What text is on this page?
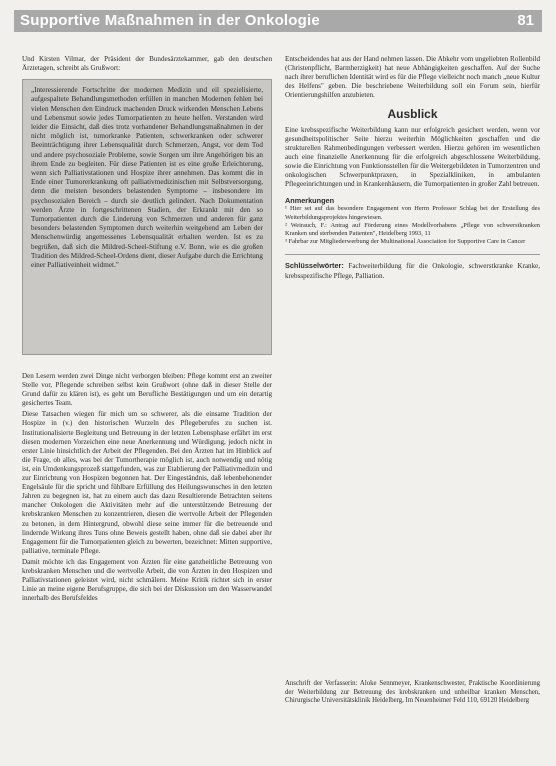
Supportive Maßnahmen in der Onkologie	81

Und Kirsten Vilmar, der Präsident der Bundesärztekammer, gab den deutschen Ärztetagen, schreibt als Grußwort:

„Interessierende Fortschritte der modernen Medizin und eil spezielisierte, aufgespaltete Behandlungsmethoden erfüllen in manchen Modernen fehlen bei vielen Menschen den Eindruck machenden Druck wirkenden Menschen Lebens und Lebensmut sowie jedes Tumorpatienten zu heute helfen. Verstanden wird leider die Einsicht, daß dies trotz vorhandener Behandlungsmaßnahmen in der nicht möglich ist, tumorkranke Patienten, schwerkranken oder schwerer Beeinträchtigung ihrer Lebensqualität durch Schmerzen, Angst, vor dem Tod und andere psychosoziale Probleme, sowie Sorgen um ihre Angehörigen bis an ihrem Ende zu begleiten. Für diese Patienten ist es eine große Erleichterung, wenn sich Palliativstationen und Hospize ihrer annehmen. Das kommt die in Ende einer Tumorerkrankung oft palliativmedizinischen mit Selbstversorgung, denn die meisten besonders belastenden Symptome – insbesondere im psychosozialen Bereich – durch sie deutlich gelindert. Nach Dokumentation werden Ärzte in fortgeschrittenen Stadien, der Erkrankt mit den so Tumorpatienten durch die Linderung von Schmerzen und anderen für ganz besonders belastenden Symptomen durch weiterhin weitgehend am Leben der Menschenwürdig angemessenes Lebensqualität erhalten werden. Ist es zu begrüßen, daß sich die Mildred-Scheel-Stiftung e.V. Bonn, wie es die großen Tradition des Mildred-Scheel-Ordens dient, dieser Aufgabe durch die Errichtung einer Palliativeinheit widmet."

Den Lesern werden zwei Dinge nicht verborgen bleiben: Pflege kommt erst an zweiter Stelle vor, Pflegende schreiben selbst kein Grußwort (ohne daß in dieser Stelle der Grund dafür zu klären ist), es geht um Berufliche Bestätigungen und um ein derartig gesichertes Team.

Diese Tatsachen wiegen für mich um so schwerer, als die einsame Tradition der Hospize in (v.) den historischen Wurzeln des Pflegeberufes zu suchen ist. Institutionalisierte Begleitung und Betreuung in der letzten Lebensphase erfährt im erst diesen modernen Vorzeichen eine neue Anerkennung und Würdigung, jedoch nicht in erster Linie hinsichtlich der Arbeit der Pflegenden. Bei den Ärzten hat im Hinblick auf die Frage, ob alles, was bei der Tumortherapie möglich ist, auch notwendig und nötig ist, ein Umdenkungsprozeß stattgefunden, was zur Etablierung der Palliativmedizin und zur Einrichtung von Hospizen begonnen hat. Der Eingeständnis, daß lebenbehonender Engelsäule für die spricht und fühlbare Erfüllung des Heilungswunsches in den letzten Jahren zu begegnen ist, hat zu einem auch das dazu Resultierende Betrachten seitens mancher Onkologen die Aktivitäten mehr auf die unterstützende Betreuung der krebskranken Menschen zu konzentrieren, diesen die wertvolle Arbeit der Pflegenden zu betonen, in dem Hintergrund, obwohl diese seine immer für die betreuende und lindernde Wirkung ihres Tuns ohne Beweis gestellt haben, ohne daß sie dabei aber ihr Engagement für die Tumorpatienten gleich zu bewerten, bezeichnet: Mitten supportive, palliative, terminale Pflege.

Damit möchte ich das Engagement von Ärzten für eine ganzheitliche Betreuung von krebskranken Menschen und die wertvolle Arbeit, die von Ärzten in den Hospizen und Palliativstationen geleistet wird, nicht schmälern. Meine Kritik richtet sich in erster Linie an meine eigene Berufsgruppe, die sich bei der Diskussion um den Wasserwandel innerhalb des Berufsfeldes

Entscheidendes hat aus der Hand nehmen lassen. Die Abkehr vom ungeliebten Rollenbild (Christenpflicht, Barmherzigkeit) hat neue Abhängigkeiten geschaffen. Auf der Suche nach ihrer beruflichen Identität wird es für die Pflege vielleicht noch manch „neue Kultur des Helfens" geben. Die beschriebene Weiterbildung soll ein Forum sein, hierfür Orientierungshilfen anzubieten.

Ausblick

Eine krebsspezifische Weiterbildung kann nur erfolgreich gesichert werden, wenn vor gesundheitspolitischer Seite hierzu weiterhin Möglichkeiten geschaffen und die strukturellen Rahmenbedingungen verbessert werden. Hierzu gehören im wesentlichen auch eine finanzielle Anerkennung für die erfolgreich abgeschlossene Weiterbildung, sowie die Einrichtung von Funktionsstellen für die Weitergebildeten in Tumorzentren und onkologischen Schwerpunktpraxen, in Spezialkliniken, in ambulanten Pflegeeinrichtungen und in Krankenhäusern, die Tumorpatienten in großer Zahl betreuen.

Anmerkungen

¹ Hier sei auf das besondere Engagement von Herrn Professor Schlag bei der Erstellung des Weiterbildungsprojektes hingewiesen.

² Weirauch, F.: Antrag auf Förderung eines Modellvorhabens „Pflege von schwerstkranken Kranken und sterbenden Patienten", Heidelberg 1993, 11

³ Fahrbar zur Mitgliederwerbung der Multinational Association for Supportive Care in Cancer

Schlüsselwörter: Fachweiterbildung für die Onkologie, schwerstkranke Kranke, krebsspezifische Pflege, Palliation.

Anschrift der Verfasserin: Aloke Sennmeyer, Krankenschwester, Praktische Koordinierung der Weiterbildung zur Betreuung des krebskranken und unheilbar kranken Menschen, Chirurgische Universitätsklinik Heidelberg, Im Neuenheimer Feld 110, 69120 Heidelberg
